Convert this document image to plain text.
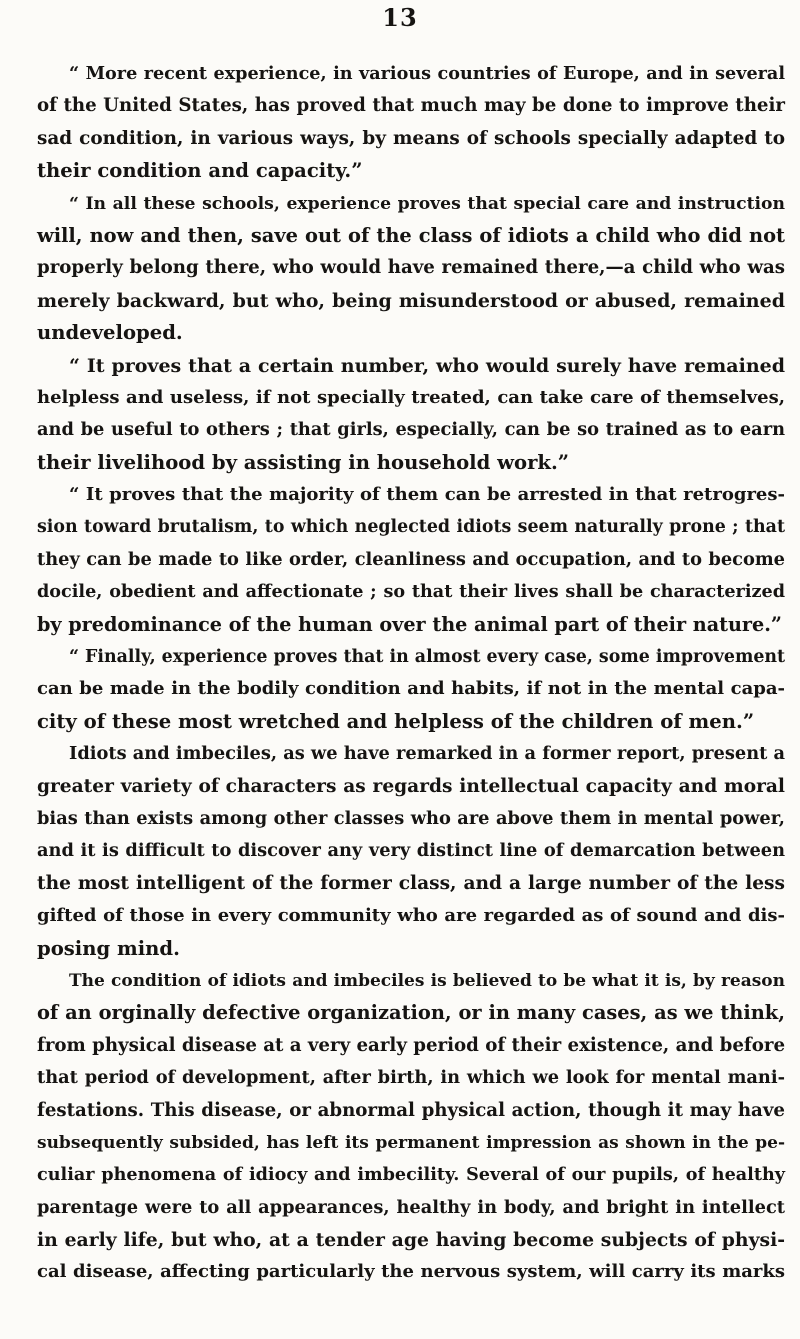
13
“ More recent experience, in various countries of Europe, and in several
of the United States, has proved that much may be done to improve their
sad condition, in various ways, by means of schools specially adapted to
their condition and capacity.”
“ In all these schools, experience proves that special care and instruction
will, now and then, save out of the class of idiots a child who did not
properly belong there, who would have remained there,—a child who was
merely backward, but who, being misunderstood or abused, remained
undeveloped.
“ It proves that a certain number, who would surely have remained
helpless and useless, if not specially treated, can take care of themselves,
and be useful to others ; that girls, especially, can be so trained as to earn
their livelihood by assisting in household work.”
“ It proves that the majority of them can be arrested in that retrogres-
sion toward brutalism, to which neglected idiots seem naturally prone ; that
they can be made to like order, cleanliness and occupation, and to become
docile, obedient and affectionate ; so that their lives shall be characterized
by predominance of the human over the animal part of their nature.”
“ Finally, experience proves that in almost every case, some improvement
can be made in the bodily condition and habits, if not in the mental capa-
city of these most wretched and helpless of the children of men.”
Idiots and imbeciles, as we have remarked in a former report, present a
greater variety of characters as regards intellectual capacity and moral
bias than exists among other classes who are above them in mental power,
and it is difficult to discover any very distinct line of demarcation between
the most intelligent of the former class, and a large number of the less
gifted of those in every community who are regarded as of sound and dis-
posing mind.
The condition of idiots and imbeciles is believed to be what it is, by reason
of an orginally defective organization, or in many cases, as we think,
from physical disease at a very early period of their existence, and before
that period of development, after birth, in which we look for mental mani-
festations. This disease, or abnormal physical action, though it may have
subsequently subsided, has left its permanent impression as shown in the pe-
culiar phenomena of idiocy and imbecility. Several of our pupils, of healthy
parentage were to all appearances, healthy in body, and bright in intellect
in early life, but who, at a tender age having become subjects of physi-
cal disease, affecting particularly the nervous system, will carry its marks
